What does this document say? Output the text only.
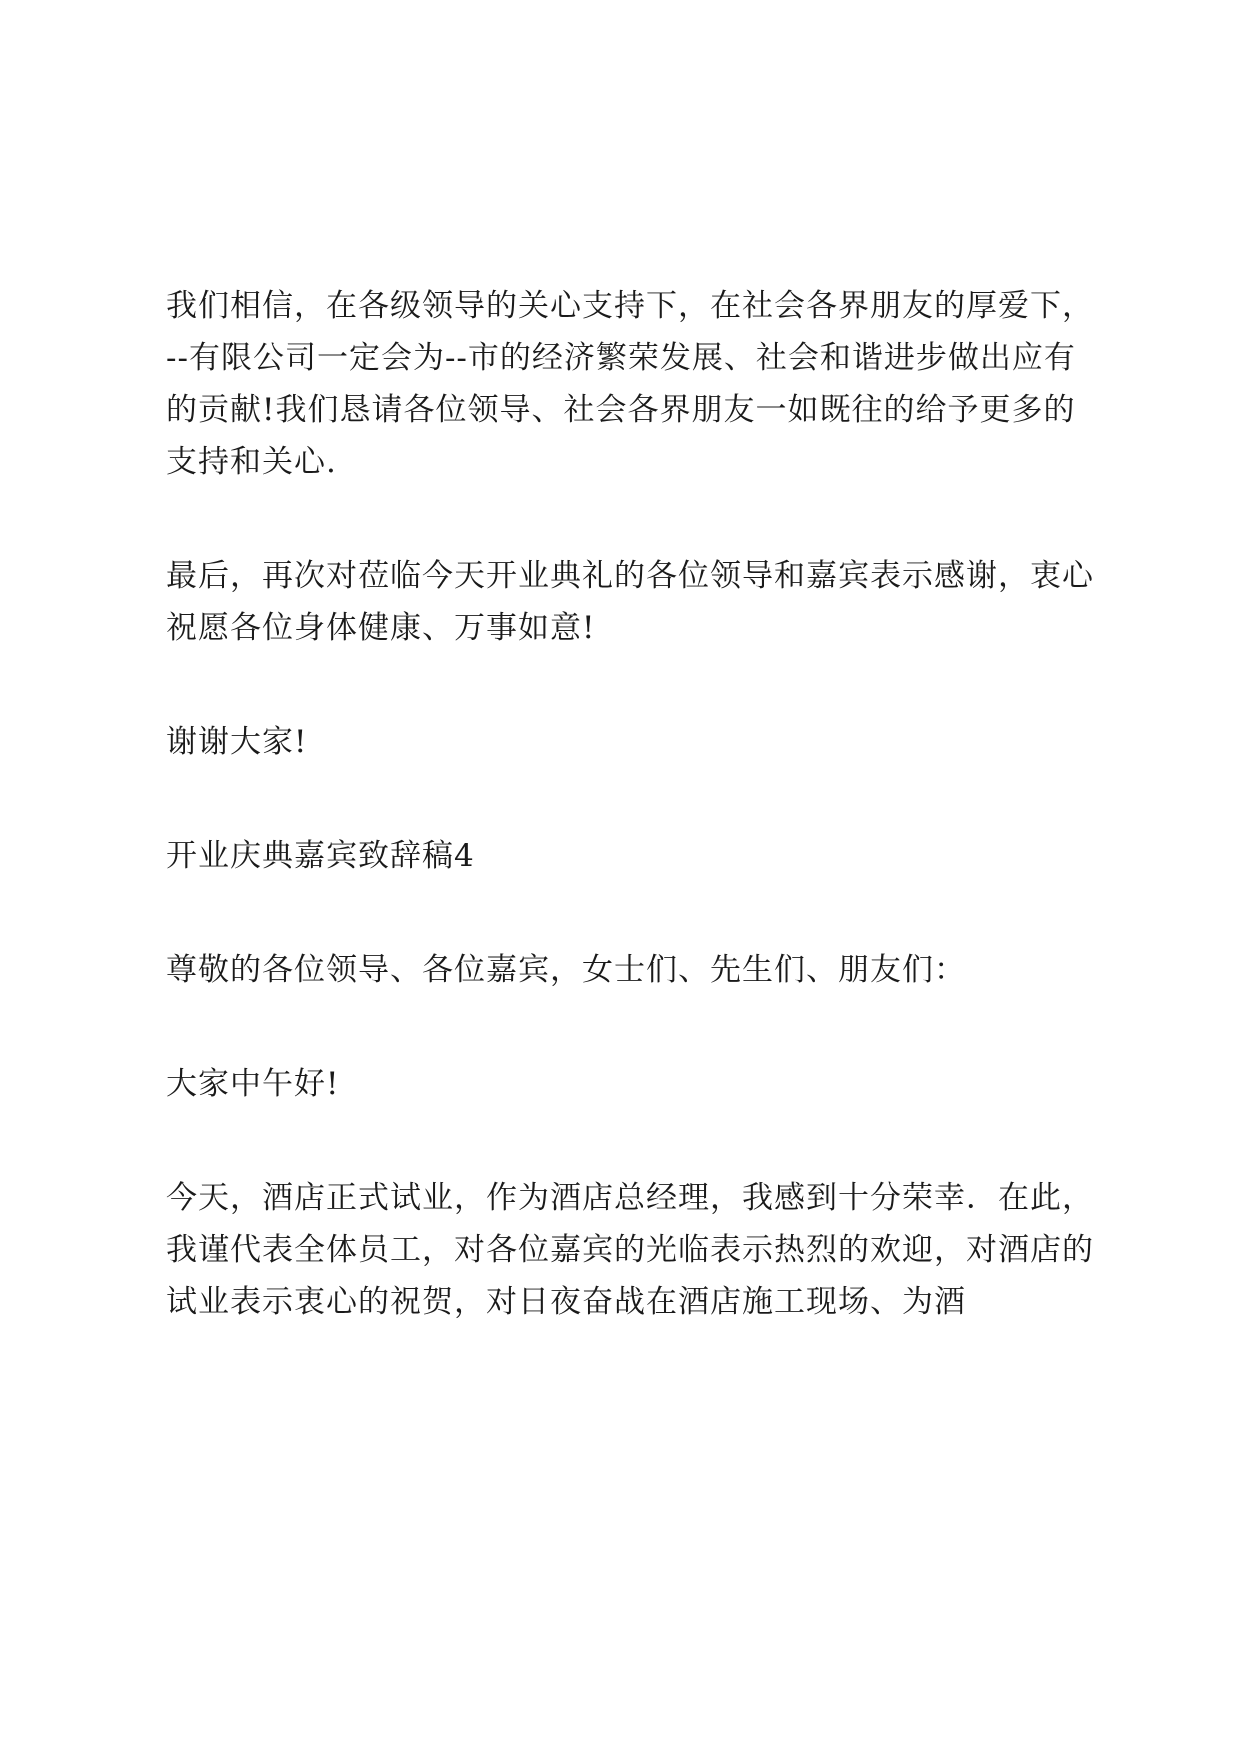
我们相信，在各级领导的关心支持下，在社会各界朋友的厚爱下，--有限公司一定会为--市的经济繁荣发展、社会和谐进步做出应有的贡献!我们恳请各位领导、社会各界朋友一如既往的给予更多的支持和关心.

最后，再次对莅临今天开业典礼的各位领导和嘉宾表示感谢，衷心祝愿各位身体健康、万事如意!

谢谢大家!

开业庆典嘉宾致辞稿4

尊敬的各位领导、各位嘉宾，女士们、先生们、朋友们：

大家中午好!

今天，酒店正式试业，作为酒店总经理，我感到十分荣幸．在此，我谨代表全体员工，对各位嘉宾的光临表示热烈的欢迎，对酒店的试业表示衷心的祝贺，对日夜奋战在酒店施工现场、为酒
